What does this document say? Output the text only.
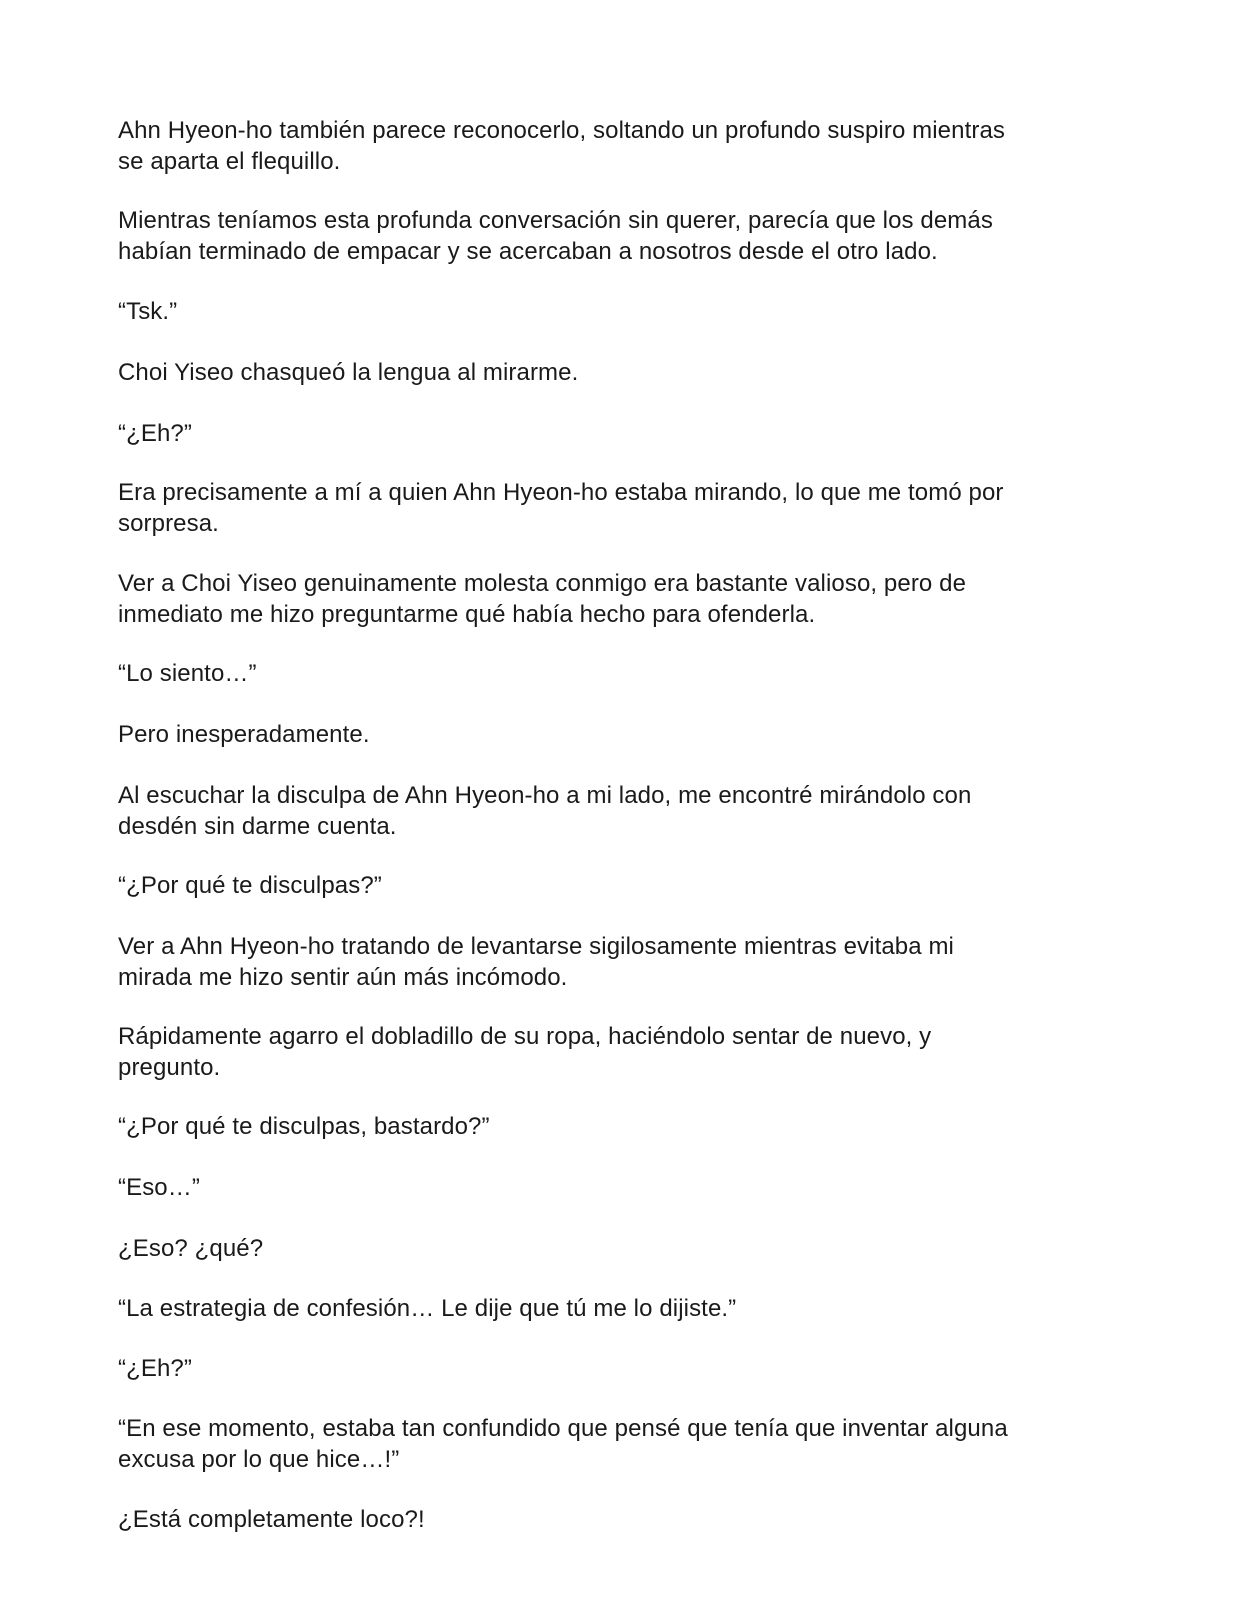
Ahn Hyeon-ho también parece reconocerlo, soltando un profundo suspiro mientras
se aparta el flequillo.

Mientras teníamos esta profunda conversación sin querer, parecía que los demás
habían terminado de empacar y se acercaban a nosotros desde el otro lado.

“Tsk.”

Choi Yiseo chasqueó la lengua al mirarme.

“¿Eh?”

Era precisamente a mí a quien Ahn Hyeon-ho estaba mirando, lo que me tomó por
sorpresa.

Ver a Choi Yiseo genuinamente molesta conmigo era bastante valioso, pero de
inmediato me hizo preguntarme qué había hecho para ofenderla.

“Lo siento…”

Pero inesperadamente.

Al escuchar la disculpa de Ahn Hyeon-ho a mi lado, me encontré mirándolo con
desdén sin darme cuenta.

“¿Por qué te disculpas?”

Ver a Ahn Hyeon-ho tratando de levantarse sigilosamente mientras evitaba mi
mirada me hizo sentir aún más incómodo.

Rápidamente agarro el dobladillo de su ropa, haciéndolo sentar de nuevo, y
pregunto.

“¿Por qué te disculpas, bastardo?”

“Eso…”

¿Eso? ¿qué?

“La estrategia de confesión… Le dije que tú me lo dijiste.”

“¿Eh?”

“En ese momento, estaba tan confundido que pensé que tenía que inventar alguna
excusa por lo que hice…!”

¿Está completamente loco?!
